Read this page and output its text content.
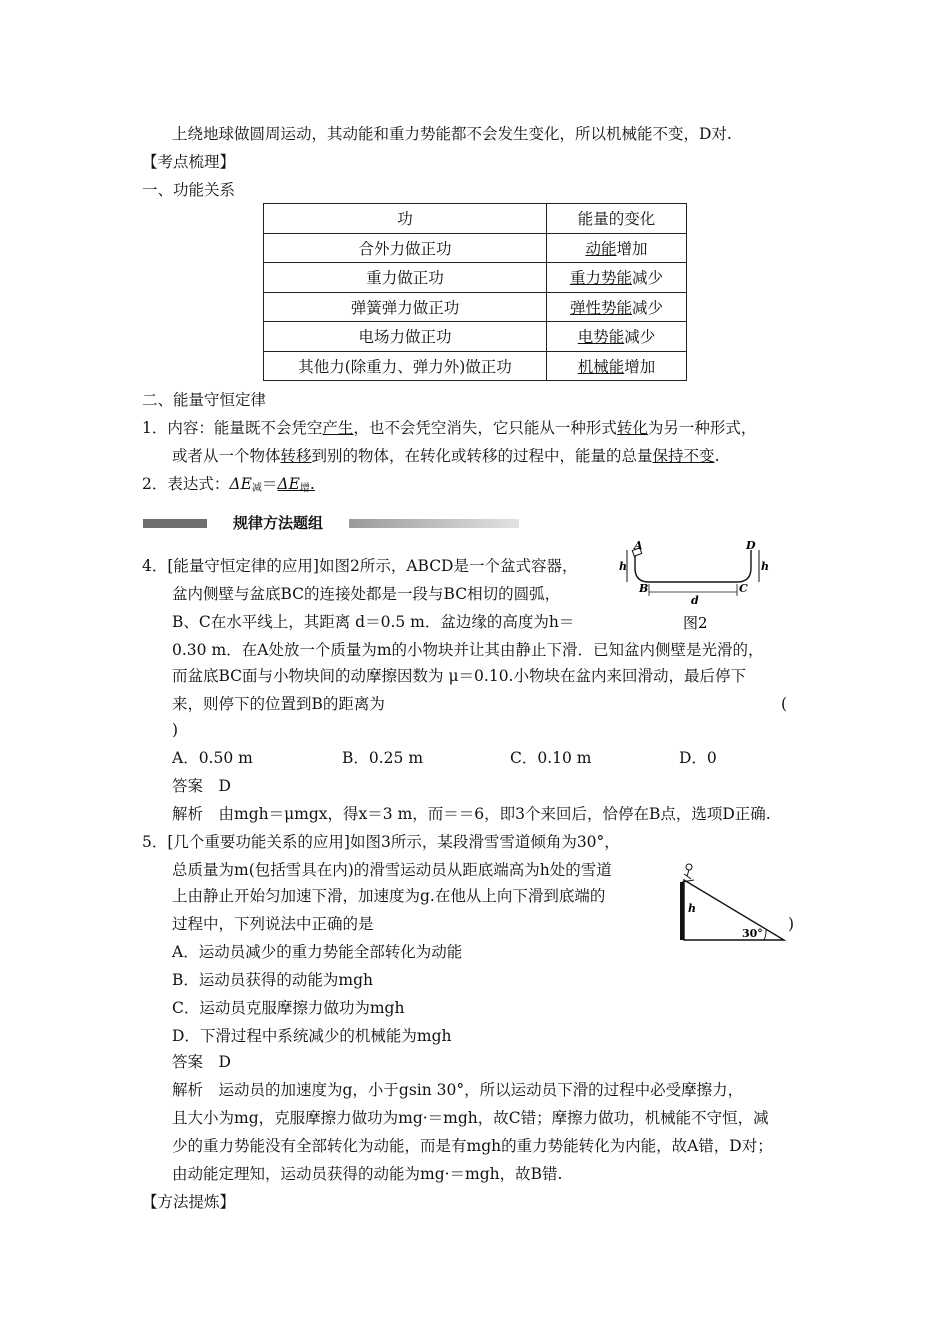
上绕地球做圆周运动，其动能和重力势能都不会发生变化，所以机械能不变，D对.
【考点梳理】
一、功能关系
功	能量的变化
合外力做正功	动能增加
重力做正功	重力势能减少
弹簧弹力做正功	弹性势能减少
电场力做正功	电势能减少
其他力(除重力、弹力外)做正功	机械能增加
二、能量守恒定律
1．内容：能量既不会凭空产生，也不会凭空消失，它只能从一种形式转化为另一种形式，
或者从一个物体转移到别的物体，在转化或转移的过程中，能量的总量保持不变.
2．表达式：$\Delta E_减=\Delta E_增$.
规律方法题组
4．[能量守恒定律的应用]如图2所示，ABCD是一个盆式容器，
盆内侧壁与盆底BC的连接处都是一段与BC相切的圆弧，
B、C在水平线上，其距离 d＝0.5 m．盆边缘的高度为h＝
0.30 m．在A处放一个质量为m的小物块并让其由静止下滑．已知盆内侧壁是光滑的，
而盆底BC面与小物块间的动摩擦因数为 μ＝0.10.小物块在盆内来回滑动，最后停下
来，则停下的位置到B的距离为	(
)
A．0.50 m	B．0.25 m	C．0.10 m	D．0
答案　D
解析　由mgh＝μmgx，得x＝3 m，而＝＝6，即3个来回后，恰停在B点，选项D正确.
A	D
B	C
h	h
d
图2
5．[几个重要功能关系的应用]如图3所示，某段滑雪雪道倾角为30°，
总质量为m(包括雪具在内)的滑雪运动员从距底端高为h处的雪道
上由静止开始匀加速下滑，加速度为g.在他从上向下滑到底端的
过程中，下列说法中正确的是	)
A．运动员减少的重力势能全部转化为动能
B．运动员获得的动能为mgh
C．运动员克服摩擦力做功为mgh
D．下滑过程中系统减少的机械能为mgh
答案　D
解析　运动员的加速度为g，小于gsin 30°，所以运动员下滑的过程中必受摩擦力，
且大小为mg，克服摩擦力做功为mg·＝mgh，故C错；摩擦力做功，机械能不守恒，减
少的重力势能没有全部转化为动能，而是有mgh的重力势能转化为内能，故A错，D对；
由动能定理知，运动员获得的动能为mg·＝mgh，故B错.
【方法提炼】
h
30°
